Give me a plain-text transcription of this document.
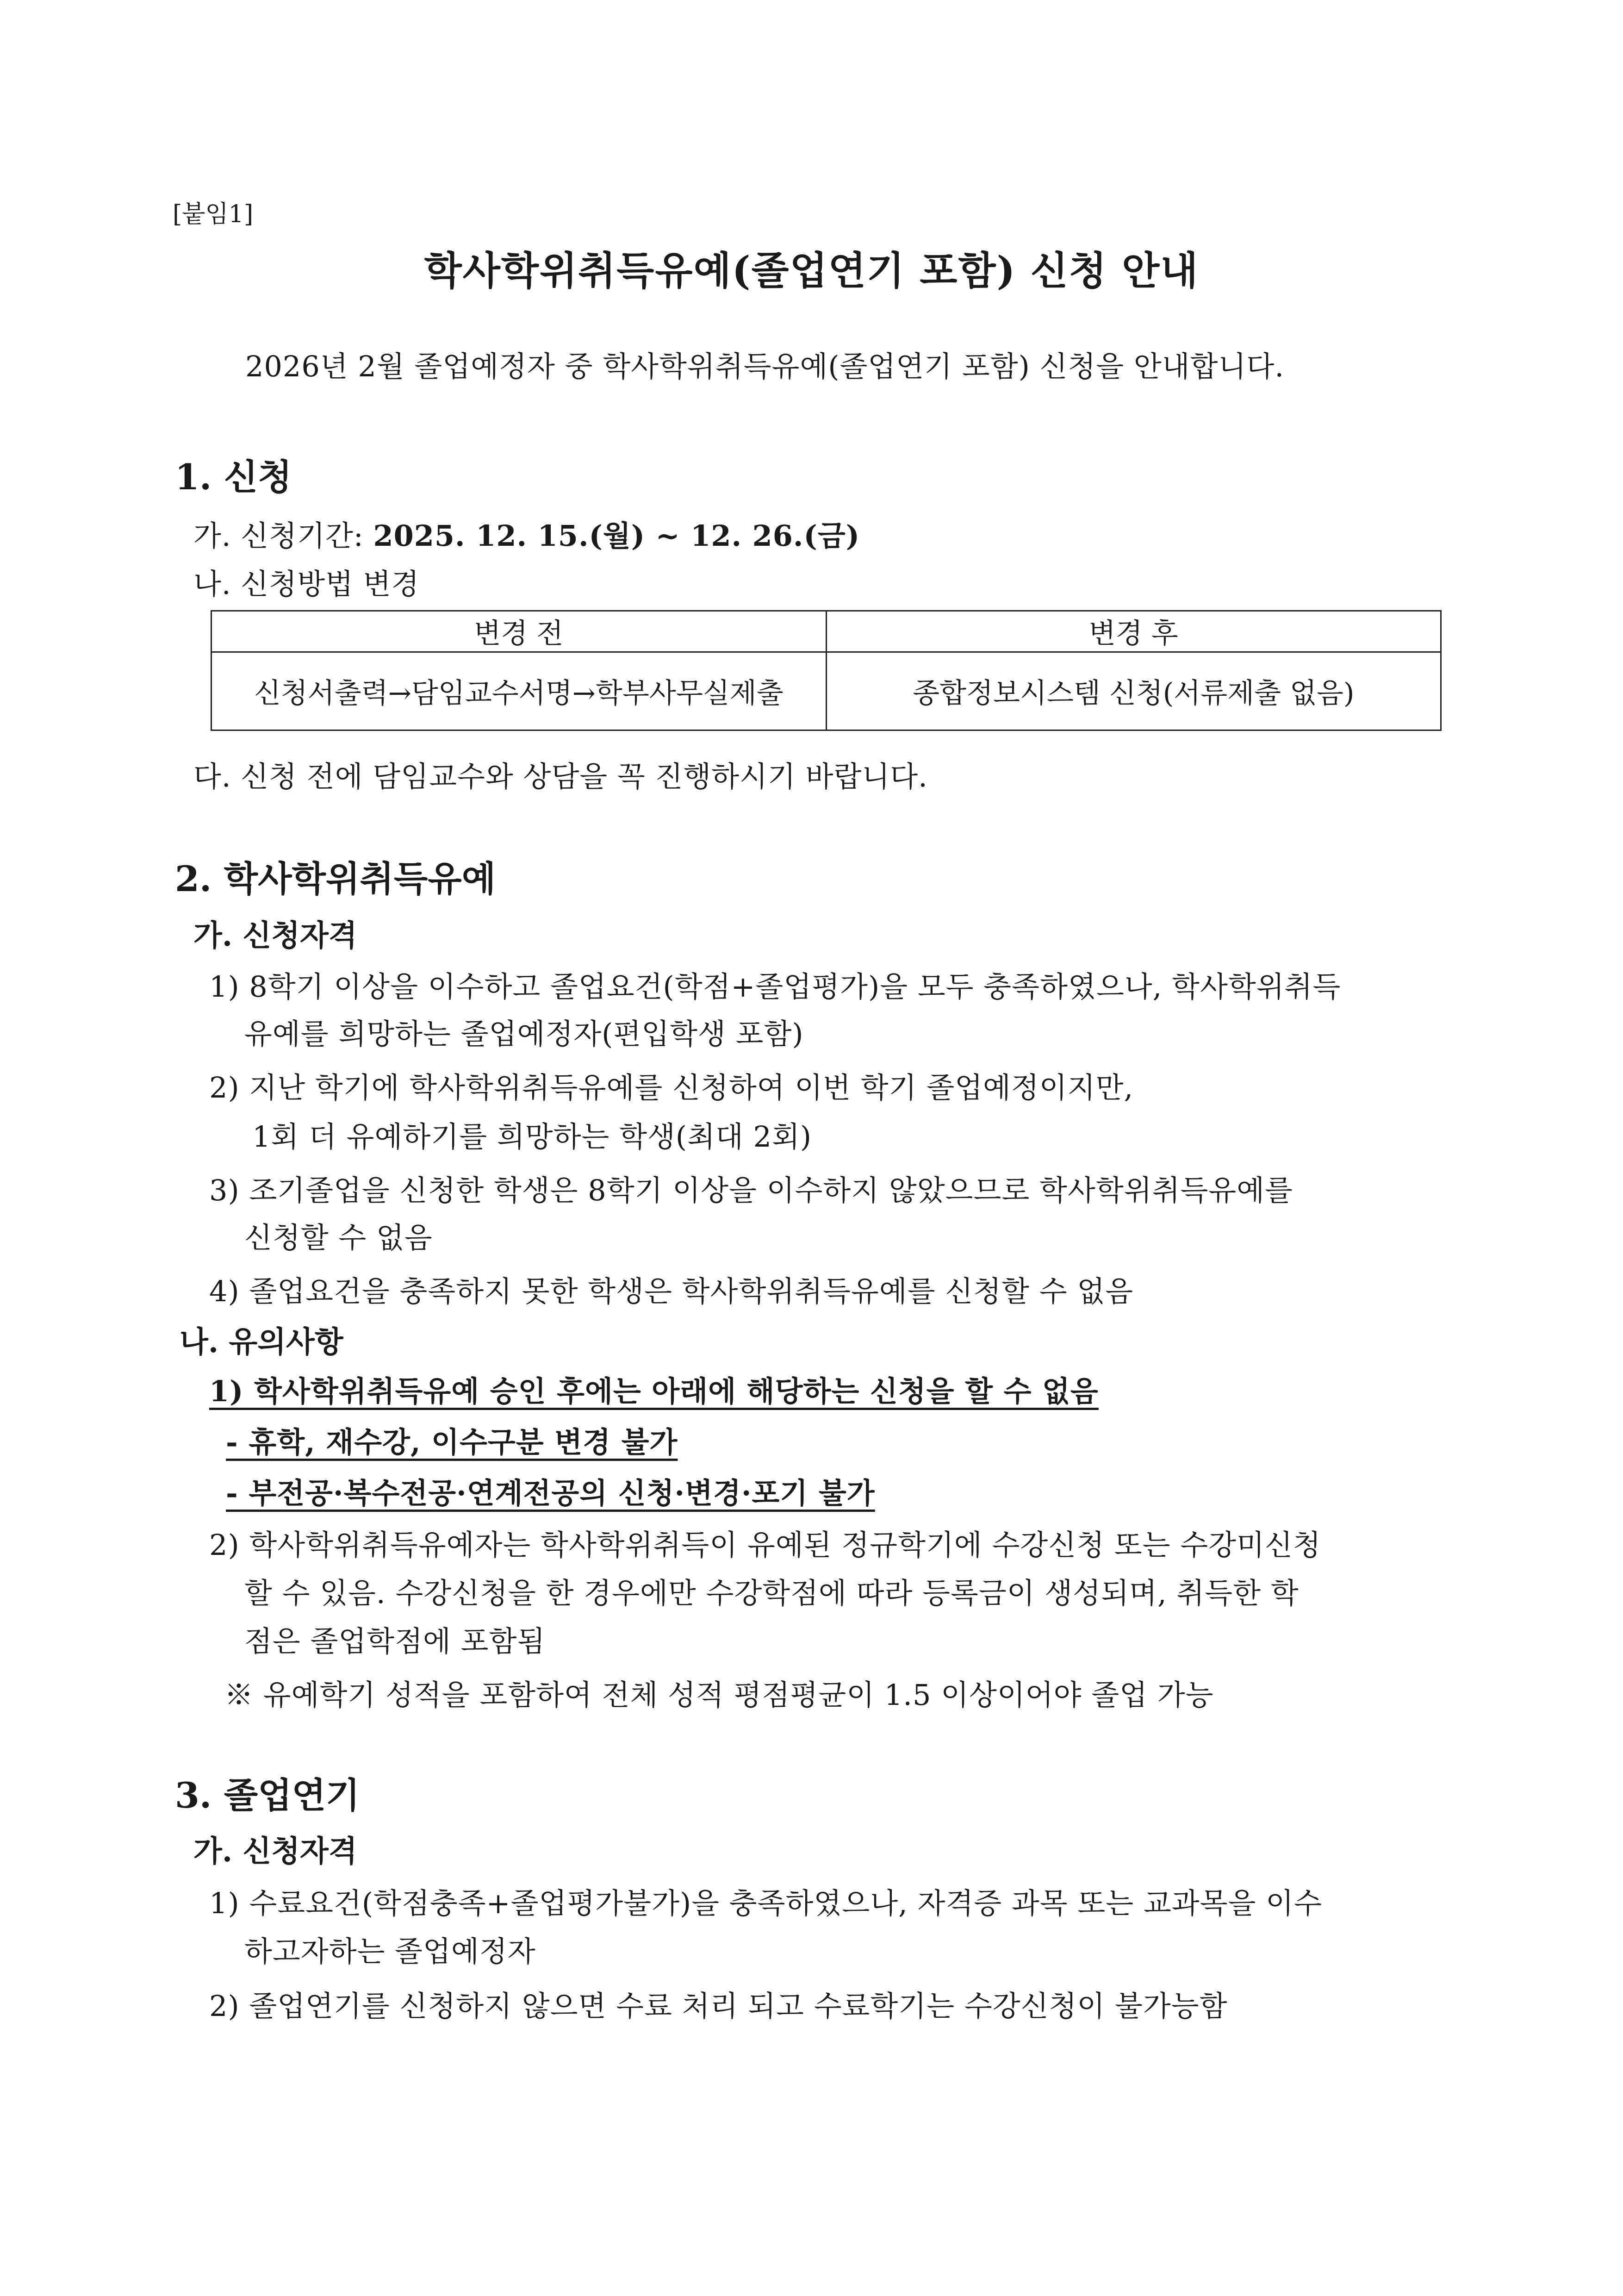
[붙임1]
학사학위취득유예(졸업연기 포함) 신청 안내
2026년 2월 졸업예정자 중 학사학위취득유예(졸업연기 포함) 신청을 안내합니다.
1. 신청
가. 신청기간: 2025. 12. 15.(월) ~ 12. 26.(금)
나. 신청방법 변경
변경 전	변경 후
신청서출력→담임교수서명→학부사무실제출	종합정보시스템 신청(서류제출 없음)
다. 신청 전에 담임교수와 상담을 꼭 진행하시기 바랍니다.
2. 학사학위취득유예
가. 신청자격
1) 8학기 이상을 이수하고 졸업요건(학점+졸업평가)을 모두 충족하였으나, 학사학위취득
유예를 희망하는 졸업예정자(편입학생 포함)
2) 지난 학기에 학사학위취득유예를 신청하여 이번 학기 졸업예정이지만,
1회 더 유예하기를 희망하는 학생(최대 2회)
3) 조기졸업을 신청한 학생은 8학기 이상을 이수하지 않았으므로 학사학위취득유예를
신청할 수 없음
4) 졸업요건을 충족하지 못한 학생은 학사학위취득유예를 신청할 수 없음
나. 유의사항
1) 학사학위취득유예 승인 후에는 아래에 해당하는 신청을 할 수 없음
- 휴학, 재수강, 이수구분 변경 불가
- 부전공·복수전공·연계전공의 신청·변경·포기 불가
2) 학사학위취득유예자는 학사학위취득이 유예된 정규학기에 수강신청 또는 수강미신청
할 수 있음. 수강신청을 한 경우에만 수강학점에 따라 등록금이 생성되며, 취득한 학
점은 졸업학점에 포함됨
※ 유예학기 성적을 포함하여 전체 성적 평점평균이 1.5 이상이어야 졸업 가능
3. 졸업연기
가. 신청자격
1) 수료요건(학점충족+졸업평가불가)을 충족하였으나, 자격증 과목 또는 교과목을 이수
하고자하는 졸업예정자
2) 졸업연기를 신청하지 않으면 수료 처리 되고 수료학기는 수강신청이 불가능함
